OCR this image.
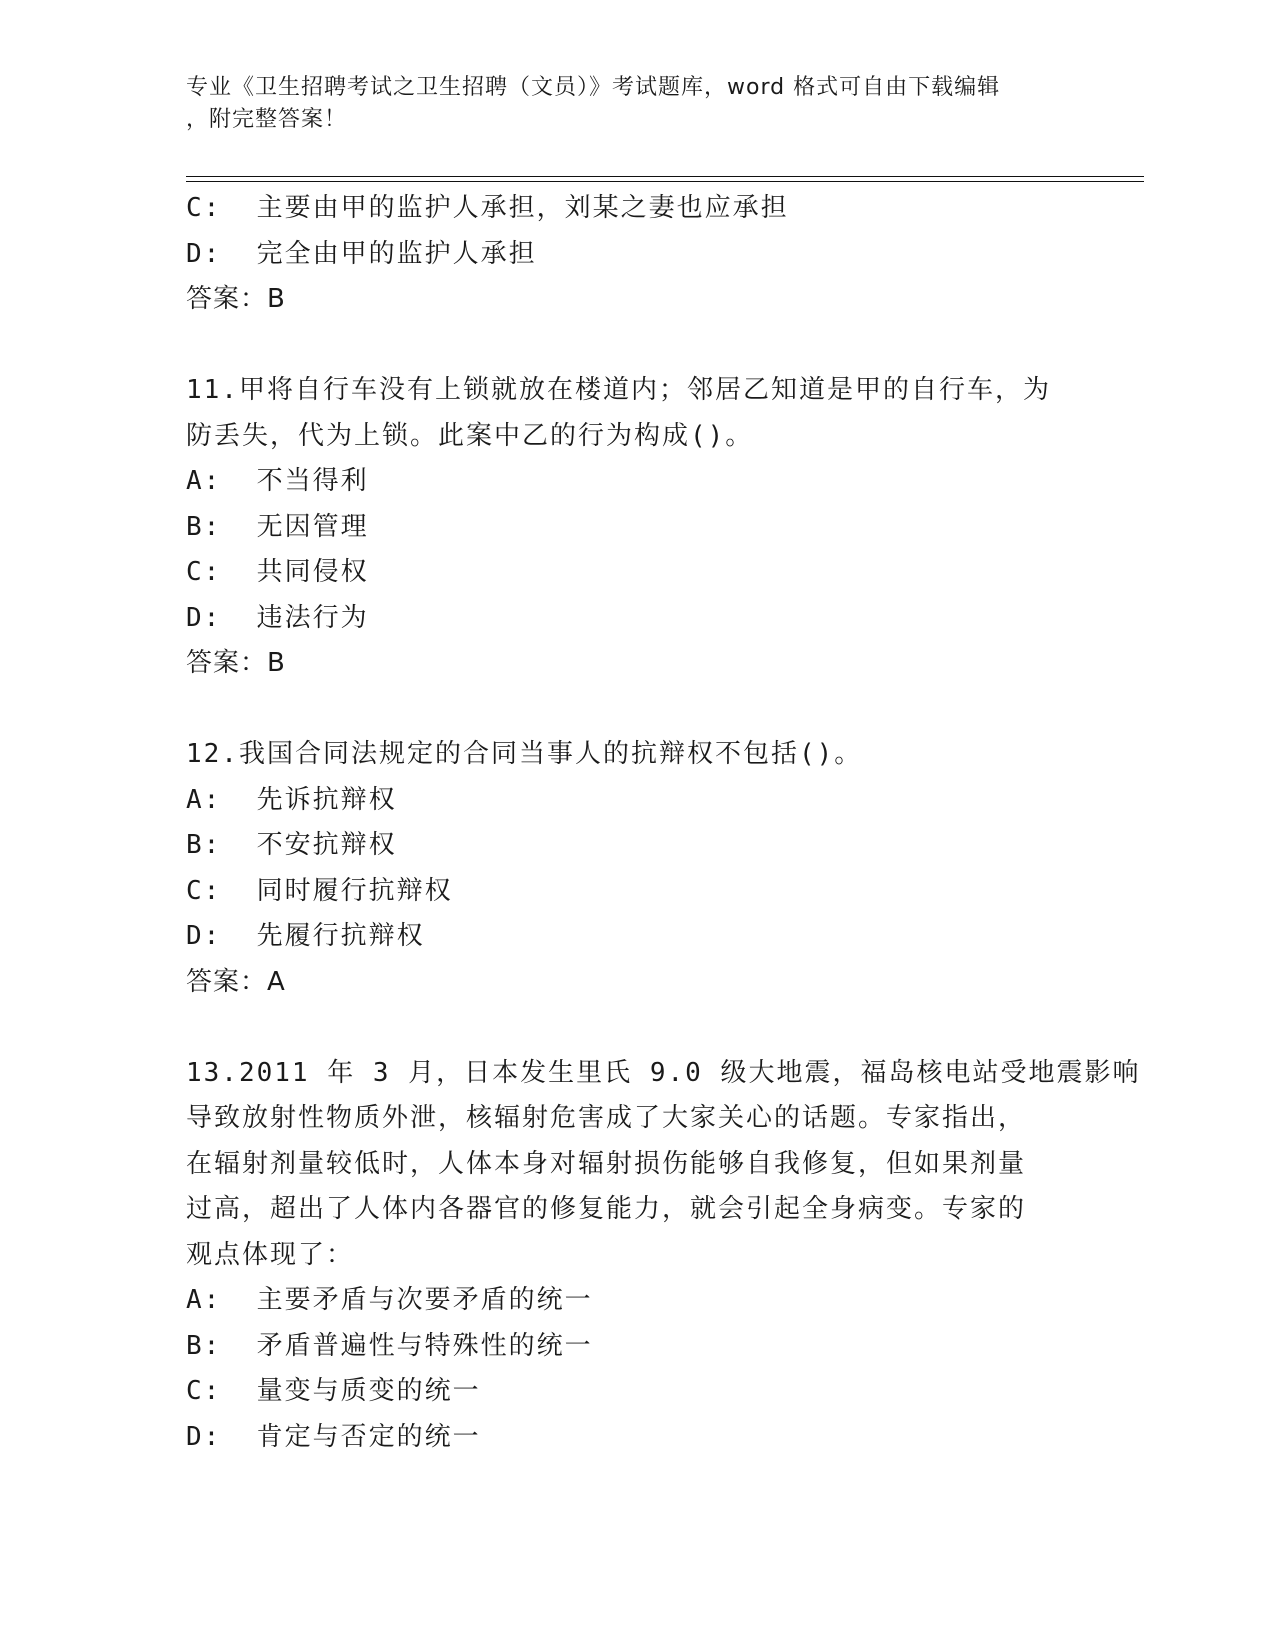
专业《卫生招聘考试之卫生招聘（文员）》考试题库，word 格式可自由下载编辑
，附完整答案！
C: 主要由甲的监护人承担，刘某之妻也应承担
D: 完全由甲的监护人承担
答案：B
11.甲将自行车没有上锁就放在楼道内；邻居乙知道是甲的自行车，为
防丢失，代为上锁。此案中乙的行为构成()。
A: 不当得利
B: 无因管理
C: 共同侵权
D: 违法行为
答案：B
12.我国合同法规定的合同当事人的抗辩权不包括()。
A: 先诉抗辩权
B: 不安抗辩权
C: 同时履行抗辩权
D: 先履行抗辩权
答案：A
13.2011 年 3 月，日本发生里氏 9.0 级大地震，福岛核电站受地震影响
导致放射性物质外泄，核辐射危害成了大家关心的话题。专家指出，
在辐射剂量较低时，人体本身对辐射损伤能够自我修复，但如果剂量
过高，超出了人体内各器官的修复能力，就会引起全身病变。专家的
观点体现了：
A: 主要矛盾与次要矛盾的统一
B: 矛盾普遍性与特殊性的统一
C: 量变与质变的统一
D: 肯定与否定的统一
